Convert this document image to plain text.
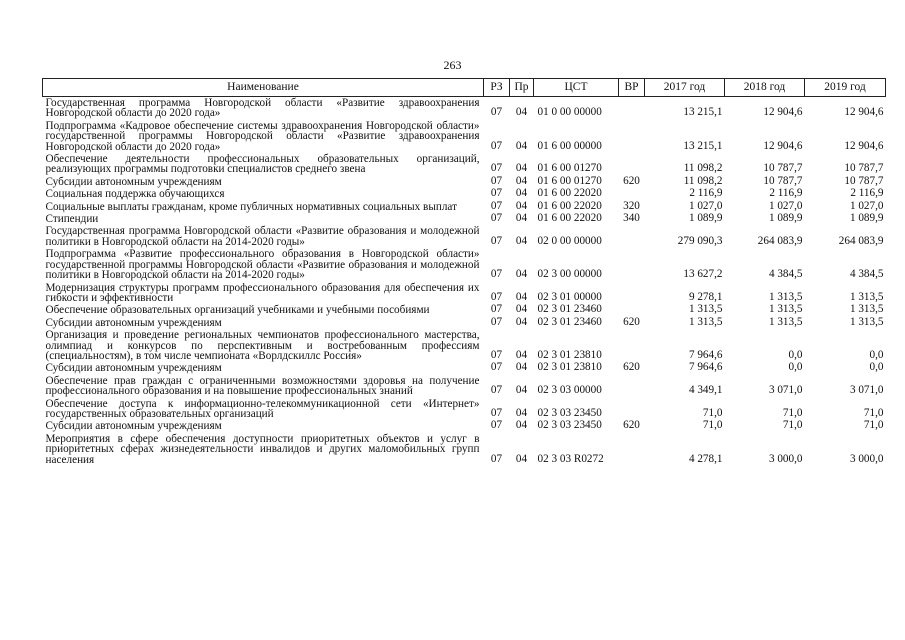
263
Наименование	РЗ	Пр	ЦСТ	ВР	2017 год	2018 год	2019 год
Государственная программа Новгородской области «Развитие здравоохранения Новгородской области до 2020 года»	07	04	01 0 00 00000		13 215,1	12 904,6	12 904,6
Подпрограмма «Кадровое обеспечение системы здравоохранения Новгородской области» государственной программы Новгородской области «Развитие здравоохранения Новгородской области до 2020 года»	07	04	01 6 00 00000		13 215,1	12 904,6	12 904,6
Обеспечение деятельности профессиональных образовательных организаций, реализующих программы подготовки специалистов среднего звена	07	04	01 6 00 01270		11 098,2	10 787,7	10 787,7
Субсидии автономным учреждениям	07	04	01 6 00 01270	620	11 098,2	10 787,7	10 787,7
Социальная поддержка обучающихся	07	04	01 6 00 22020		2 116,9	2 116,9	2 116,9
Социальные выплаты гражданам, кроме публичных нормативных социальных выплат	07	04	01 6 00 22020	320	1 027,0	1 027,0	1 027,0
Стипендии	07	04	01 6 00 22020	340	1 089,9	1 089,9	1 089,9
Государственная программа Новгородской области «Развитие образования и молодежной политики в Новгородской области на 2014-2020 годы»	07	04	02 0 00 00000		279 090,3	264 083,9	264 083,9
Подпрограмма «Развитие профессионального образования в Новгородской области» государственной программы Новгородской области «Развитие образования и молодежной политики в Новгородской области на 2014-2020 годы»	07	04	02 3 00 00000		13 627,2	4 384,5	4 384,5
Модернизация структуры программ профессионального образования для обеспечения их гибкости и эффективности	07	04	02 3 01 00000		9 278,1	1 313,5	1 313,5
Обеспечение образовательных организаций учебниками и учебными пособиями	07	04	02 3 01 23460		1 313,5	1 313,5	1 313,5
Субсидии автономным учреждениям	07	04	02 3 01 23460	620	1 313,5	1 313,5	1 313,5
Организация и проведение региональных чемпионатов профессионального мастерства, олимпиад и конкурсов по перспективным и востребованным профессиям (специальностям), в том числе чемпионата «Ворлдскиллс Россия»	07	04	02 3 01 23810		7 964,6	0,0	0,0
Субсидии автономным учреждениям	07	04	02 3 01 23810	620	7 964,6	0,0	0,0
Обеспечение прав граждан с ограниченными возможностями здоровья на получение профессионального образования и на повышение профессиональных знаний	07	04	02 3 03 00000		4 349,1	3 071,0	3 071,0
Обеспечение доступа к информационно-телекоммуникационной сети «Интернет» государственных образовательных организаций	07	04	02 3 03 23450		71,0	71,0	71,0
Субсидии автономным учреждениям	07	04	02 3 03 23450	620	71,0	71,0	71,0
Мероприятия в сфере обеспечения доступности приоритетных объектов и услуг в приоритетных сферах жизнедеятельности инвалидов и других маломобильных групп населения	07	04	02 3 03 R0272		4 278,1	3 000,0	3 000,0
